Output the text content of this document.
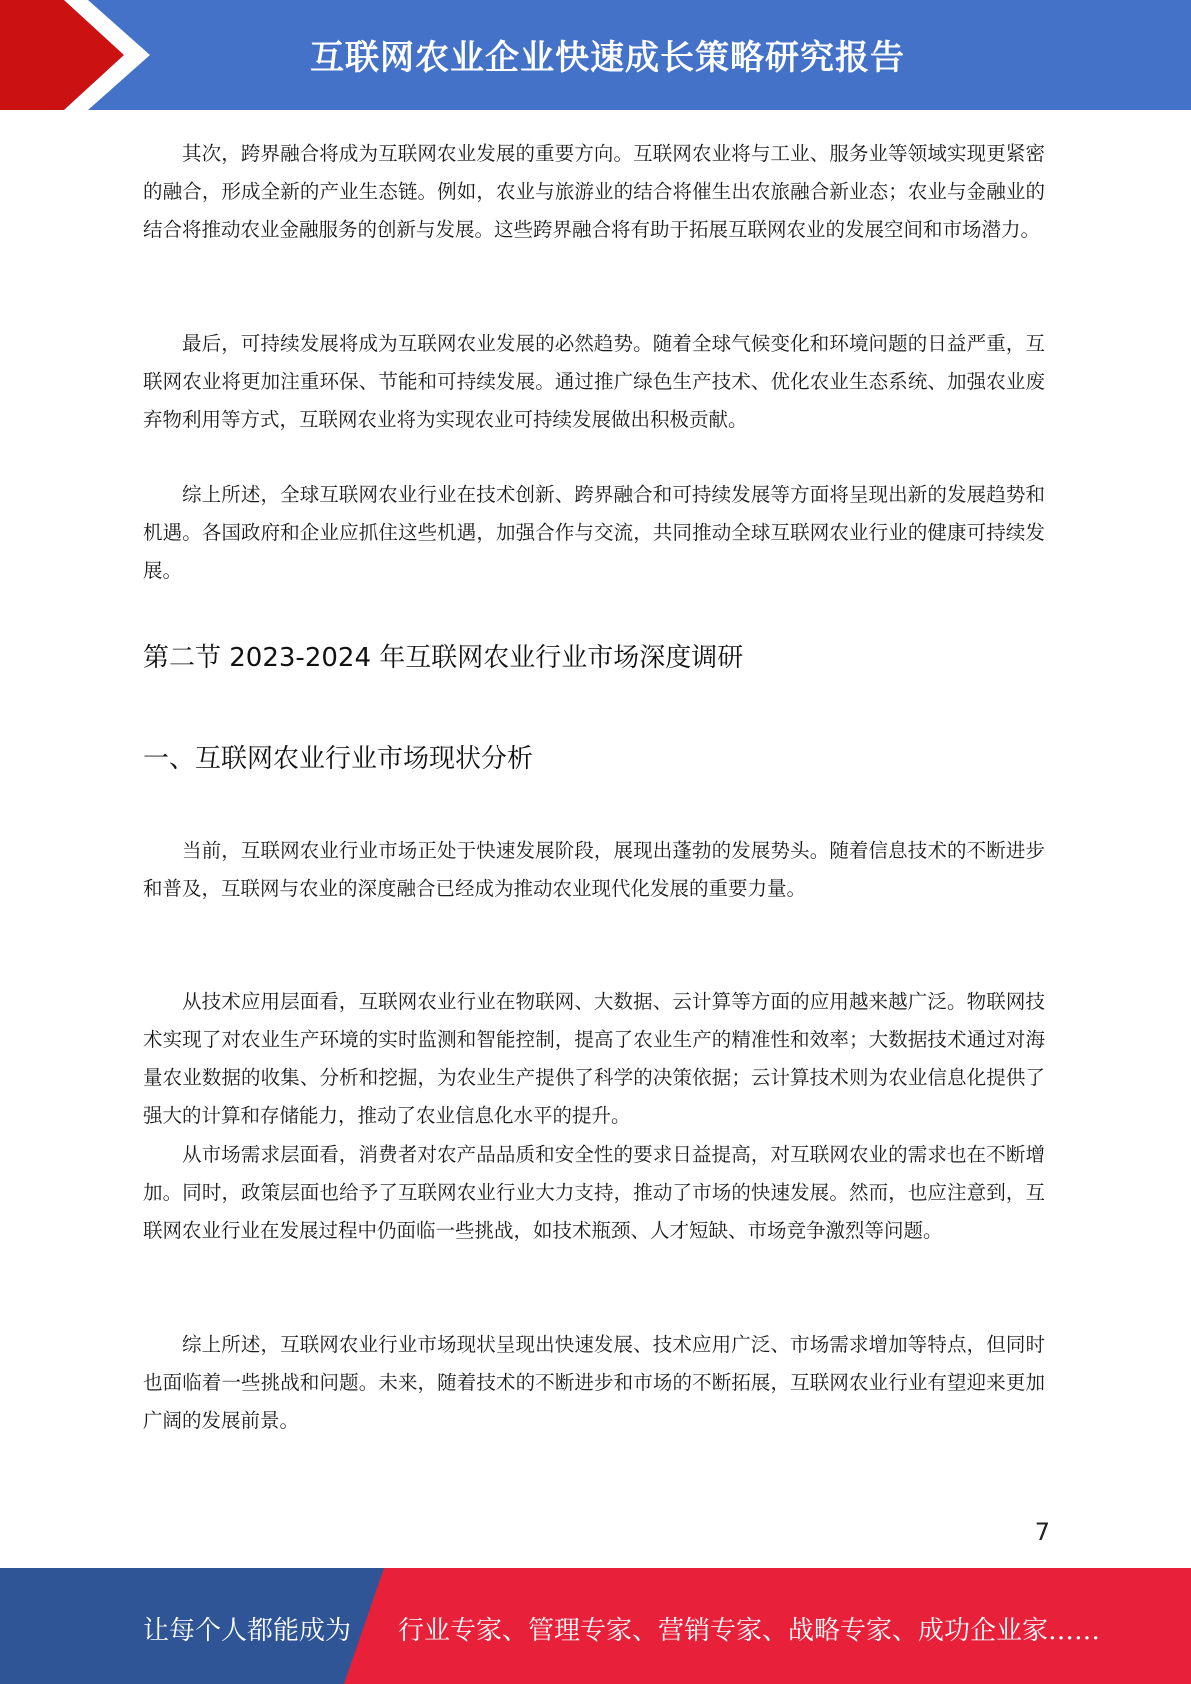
互联网农业企业快速成长策略研究报告

其次，跨界融合将成为互联网农业发展的重要方向。互联网农业将与工业、服务业等领域实现更紧密的融合，形成全新的产业生态链。例如，农业与旅游业的结合将催生出农旅融合新业态；农业与金融业的结合将推动农业金融服务的创新与发展。这些跨界融合将有助于拓展互联网农业的发展空间和市场潜力。

最后，可持续发展将成为互联网农业发展的必然趋势。随着全球气候变化和环境问题的日益严重，互联网农业将更加注重环保、节能和可持续发展。通过推广绿色生产技术、优化农业生态系统、加强农业废弃物利用等方式，互联网农业将为实现农业可持续发展做出积极贡献。

综上所述，全球互联网农业行业在技术创新、跨界融合和可持续发展等方面将呈现出新的发展趋势和机遇。各国政府和企业应抓住这些机遇，加强合作与交流，共同推动全球互联网农业行业的健康可持续发展。

第二节 2023-2024 年互联网农业行业市场深度调研
一、互联网农业行业市场现状分析

当前，互联网农业行业市场正处于快速发展阶段，展现出蓬勃的发展势头。随着信息技术的不断进步和普及，互联网与农业的深度融合已经成为推动农业现代化发展的重要力量。

从技术应用层面看，互联网农业行业在物联网、大数据、云计算等方面的应用越来越广泛。物联网技术实现了对农业生产环境的实时监测和智能控制，提高了农业生产的精准性和效率；大数据技术通过对海量农业数据的收集、分析和挖掘，为农业生产提供了科学的决策依据；云计算技术则为农业信息化提供了强大的计算和存储能力，推动了农业信息化水平的提升。

从市场需求层面看，消费者对农产品品质和安全性的要求日益提高，对互联网农业的需求也在不断增加。同时，政策层面也给予了互联网农业行业大力支持，推动了市场的快速发展。然而，也应注意到，互联网农业行业在发展过程中仍面临一些挑战，如技术瓶颈、人才短缺、市场竞争激烈等问题。

综上所述，互联网农业行业市场现状呈现出快速发展、技术应用广泛、市场需求增加等特点，但同时也面临着一些挑战和问题。未来，随着技术的不断进步和市场的不断拓展，互联网农业行业有望迎来更加广阔的发展前景。

7
让每个人都能成为 行业专家、管理专家、营销专家、战略专家、成功企业家……
